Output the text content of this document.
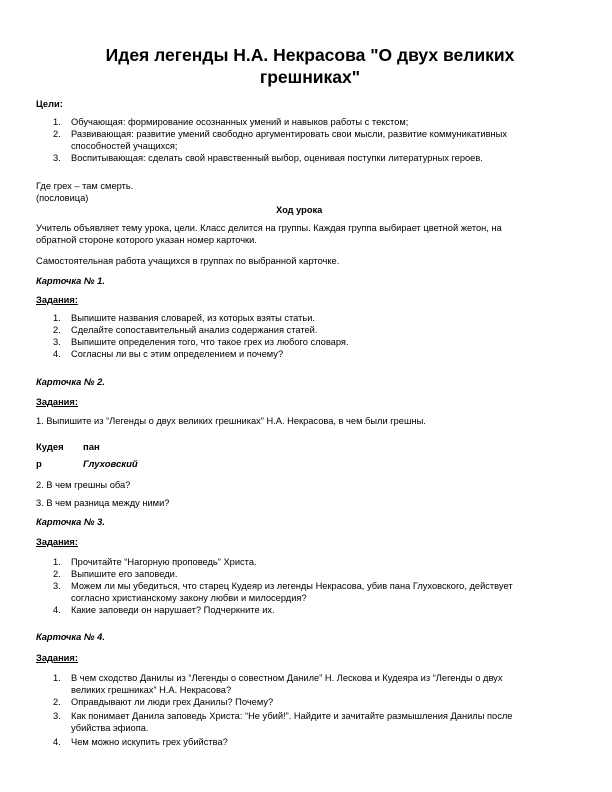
Идея легенды Н.А. Некрасова "О двух великих
грешниках"
Цели:
1. Обучающая: формирование осознанных умений и навыков работы с текстом;
2. Развивающая: развитие умений свободно аргументировать свои мысли, развитие коммуникативных
способностей учащихся;
3. Воспитывающая: сделать свой нравственный выбор, оценивая поступки литературных героев.
Где грех – там смерть.
(пословица)
Ход урока
Учитель объявляет тему урока, цели. Класс делится на группы. Каждая группа выбирает цветной жетон, на
обратной стороне которого указан номер карточки.
Самостоятельная работа учащихся в группах по выбранной карточке.
Карточка № 1.
Задания:
1. Выпишите названия словарей, из которых взяты статьи.
2. Сделайте сопоставительный анализ содержания статей.
3. Выпишите определения того, что такое грех из любого словаря.
4. Согласны ли вы с этим определением и почему?
Карточка № 2.
Задания:
1. Выпишите из “Легенды о двух великих грешниках” Н.А. Некрасова, в чем были грешны.
Кудея пан
р	Глуховский
2. В чем грешны оба?
3. В чем разница между ними?
Карточка № 3.
Задания:
1. Прочитайте “Нагорную проповедь” Христа.
2. Выпишите его заповеди.
3. Можем ли мы убедиться, что старец Кудеяр из легенды Некрасова, убив пана Глуховского, действует
согласно христианскому закону любви и милосердия?
4. Какие заповеди он нарушает? Подчеркните их.
Карточка № 4.
Задания:
1. В чем сходство Данилы из “Легенды о совестном Даниле” Н. Лескова и Кудеяра из “Легенды о двух
великих грешниках” Н.А. Некрасова?
2. Оправдывают ли люди грех Данилы? Почему?
3. Как понимает Данила заповедь Христа: “Не убий!”. Найдите и зачитайте размышления Данилы после
убийства эфиопа.
4. Чем можно искупить грех убийства?
